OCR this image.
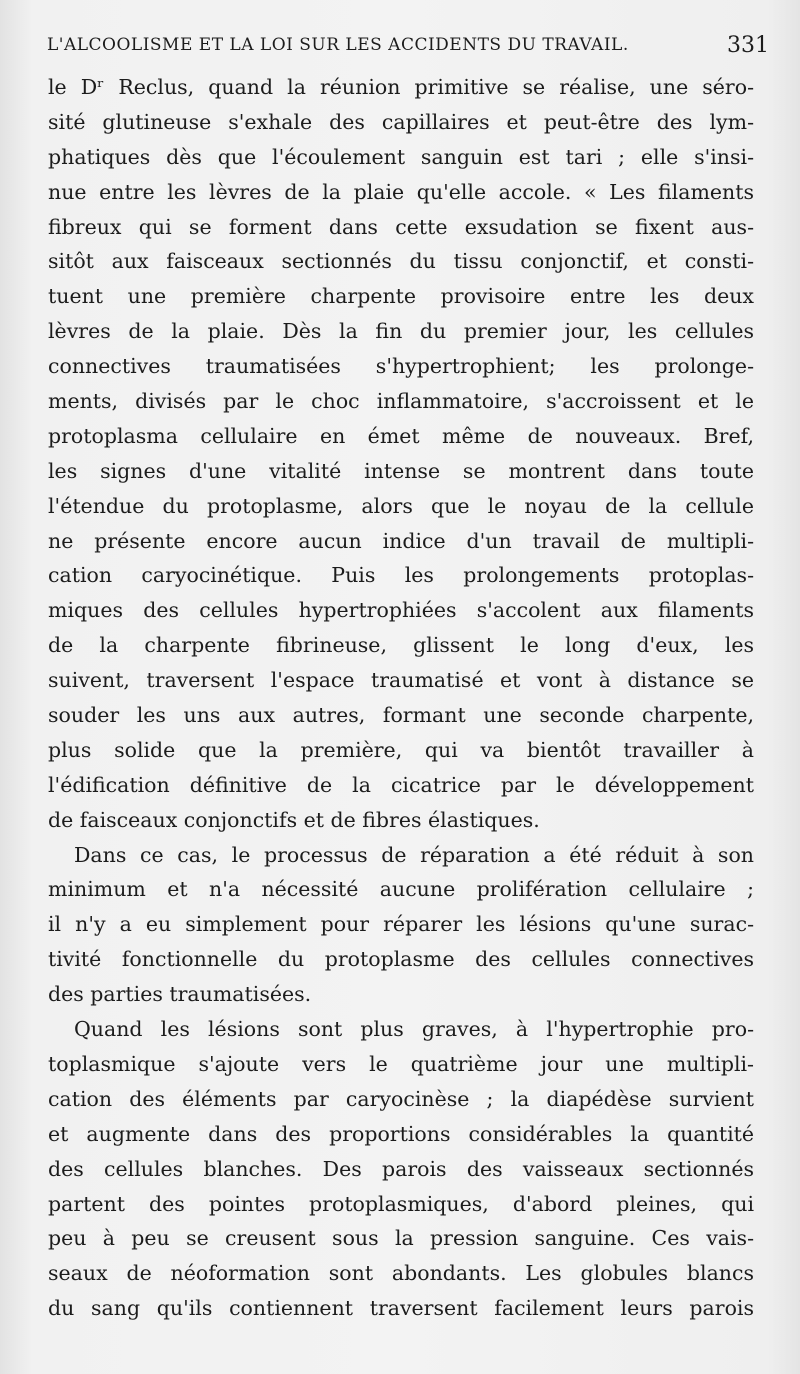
L'ALCOOLISME ET LA LOI SUR LES ACCIDENTS DU TRAVAIL.	331
le Dʳ Reclus, quand la réunion primitive se réalise, une séro-
sité glutineuse s'exhale des capillaires et peut-être des lym-
phatiques dès que l'écoulement sanguin est tari ; elle s'insi-
nue entre les lèvres de la plaie qu'elle accole. « Les filaments
fibreux qui se forment dans cette exsudation se fixent aus-
sitôt aux faisceaux sectionnés du tissu conjonctif, et consti-
tuent une première charpente provisoire entre les deux
lèvres de la plaie. Dès la fin du premier jour, les cellules
connectives traumatisées s'hypertrophient; les prolonge-
ments, divisés par le choc inflammatoire, s'accroissent et le
protoplasma cellulaire en émet même de nouveaux. Bref,
les signes d'une vitalité intense se montrent dans toute
l'étendue du protoplasme, alors que le noyau de la cellule
ne présente encore aucun indice d'un travail de multipli-
cation caryocinétique. Puis les prolongements protoplas-
miques des cellules hypertrophiées s'accolent aux filaments
de la charpente fibrineuse, glissent le long d'eux, les
suivent, traversent l'espace traumatisé et vont à distance se
souder les uns aux autres, formant une seconde charpente,
plus solide que la première, qui va bientôt travailler à
l'édification définitive de la cicatrice par le développement
de faisceaux conjonctifs et de fibres élastiques.
Dans ce cas, le processus de réparation a été réduit à son
minimum et n'a nécessité aucune prolifération cellulaire ;
il n'y a eu simplement pour réparer les lésions qu'une surac-
tivité fonctionnelle du protoplasme des cellules connectives
des parties traumatisées.
Quand les lésions sont plus graves, à l'hypertrophie pro-
toplasmique s'ajoute vers le quatrième jour une multipli-
cation des éléments par caryocinèse ; la diapédèse survient
et augmente dans des proportions considérables la quantité
des cellules blanches. Des parois des vaisseaux sectionnés
partent des pointes protoplasmiques, d'abord pleines, qui
peu à peu se creusent sous la pression sanguine. Ces vais-
seaux de néoformation sont abondants. Les globules blancs
du sang qu'ils contiennent traversent facilement leurs parois
